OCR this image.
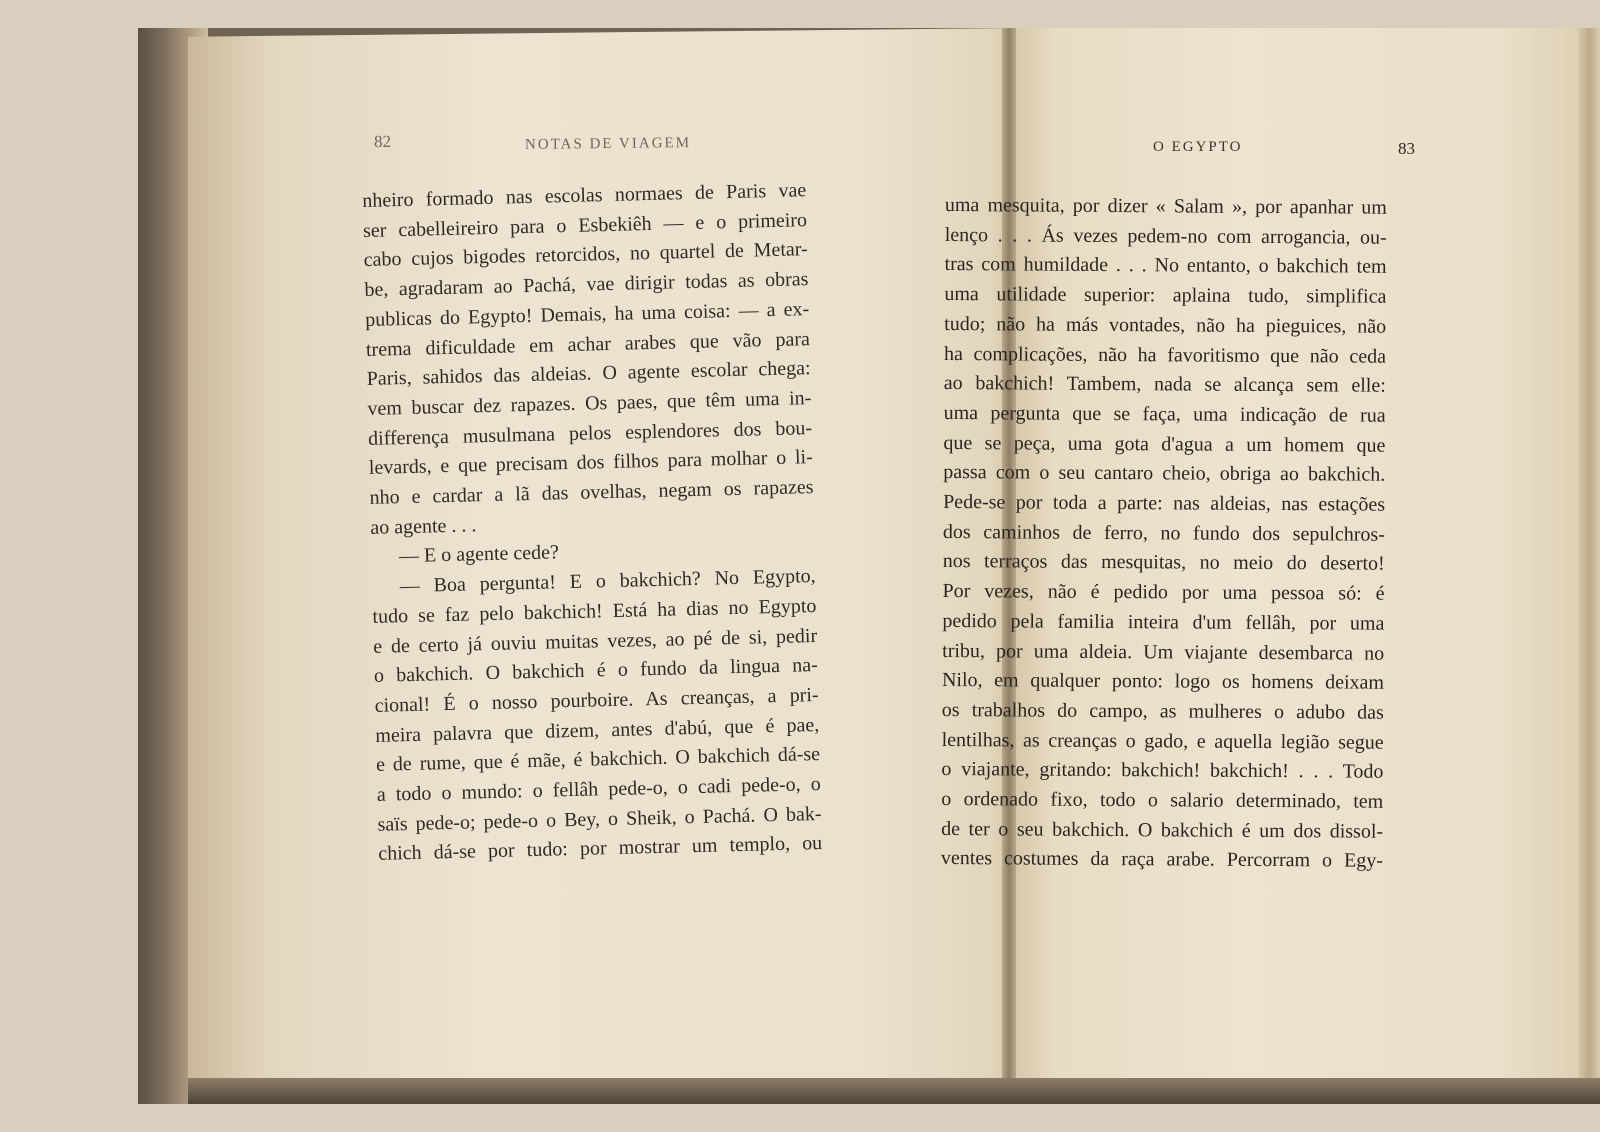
82	NOTAS DE VIAGEM	O EGYPTO	83
nheiro formado nas escolas normaes de Paris vae
ser cabelleireiro para o Esbekiêh — e o primeiro
cabo cujos bigodes retorcidos, no quartel de Metar-
be, agradaram ao Pachá, vae dirigir todas as obras
publicas do Egypto! Demais, ha uma coisa: — a ex-
trema dificuldade em achar arabes que vão para
Paris, sahidos das aldeias. O agente escolar chega:
vem buscar dez rapazes. Os paes, que têm uma in-
differença musulmana pelos esplendores dos bou-
levards, e que precisam dos filhos para molhar o li-
nho e cardar a lã das ovelhas, negam os rapazes
ao agente . . .
— E o agente cede?
— Boa pergunta! E o bakchich? No Egypto,
tudo se faz pelo bakchich! Está ha dias no Egypto
e de certo já ouviu muitas vezes, ao pé de si, pedir
o bakchich. O bakchich é o fundo da lingua na-
cional! É o nosso pourboire. As creanças, a pri-
meira palavra que dizem, antes d'abú, que é pae,
e de rume, que é mãe, é bakchich. O bakchich dá-se
a todo o mundo: o fellâh pede-o, o cadi pede-o, o
saïs pede-o; pede-o o Bey, o Sheik, o Pachá. O bak-
chich dá-se por tudo: por mostrar um templo, ou
uma mesquita, por dizer « Salam », por apanhar um
lenço . . . Ás vezes pedem-no com arrogancia, ou-
tras com humildade . . . No entanto, o bakchich tem
uma utilidade superior: aplaina tudo, simplifica
tudo; não ha más vontades, não ha pieguices, não
ha complicações, não ha favoritismo que não ceda
ao bakchich! Tambem, nada se alcança sem elle:
uma pergunta que se faça, uma indicação de rua
que se peça, uma gota d'agua a um homem que
passa com o seu cantaro cheio, obriga ao bakchich.
Pede-se por toda a parte: nas aldeias, nas estações
dos caminhos de ferro, no fundo dos sepulchros-
nos terraços das mesquitas, no meio do deserto!
Por vezes, não é pedido por uma pessoa só: é
pedido pela familia inteira d'um fellâh, por uma
tribu, por uma aldeia. Um viajante desembarca no
Nilo, em qualquer ponto: logo os homens deixam
os trabalhos do campo, as mulheres o adubo das
lentilhas, as creanças o gado, e aquella legião segue
o viajante, gritando: bakchich! bakchich! . . . Todo
o ordenado fixo, todo o salario determinado, tem
de ter o seu bakchich. O bakchich é um dos dissol-
ventes costumes da raça arabe. Percorram o Egy-
